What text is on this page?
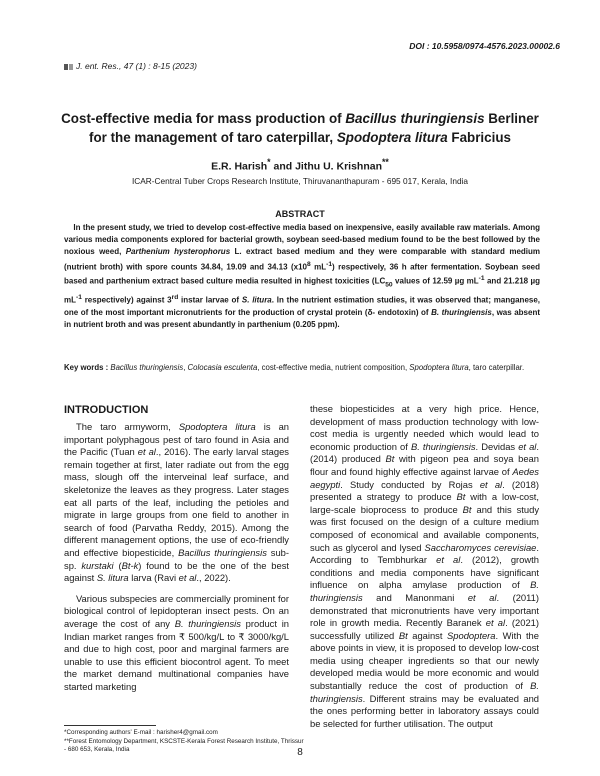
DOI : 10.5958/0974-4576.2023.00002.6
J. ent. Res., 47 (1) : 8-15 (2023)
Cost-effective media for mass production of Bacillus thuringiensis Berliner for the management of taro caterpillar, Spodoptera litura Fabricius
E.R. Harish* and Jithu U. Krishnan**
ICAR-Central Tuber Crops Research Institute, Thiruvananthapuram - 695 017, Kerala, India
ABSTRACT

In the present study, we tried to develop cost-effective media based on inexpensive, easily available raw materials. Among various media components explored for bacterial growth, soybean seed-based medium found to be the best followed by the noxious weed, Parthenium hysterophorus L. extract based medium and they were comparable with standard medium (nutrient broth) with spore counts 34.84, 19.09 and 34.13 ($x10^8$ $mL^{-1}$) respectively, 36 h after fermentation. Soybean seed based and parthenium extract based culture media resulted in highest toxicities ($LC_{50}$ values of 12.59 µg $mL^{-1}$ and 21.218 µg $mL^{-1}$ respectively) against 3rd instar larvae of S. litura. In the nutrient estimation studies, it was observed that; manganese, one of the most important micronutrients for the production of crystal protein (δ- endotoxin) of B. thuringiensis, was absent in nutrient broth and was present abundantly in parthenium (0.205 ppm).

Key words : Bacillus thuringiensis, Colocasia esculenta, cost-effective media, nutrient composition, Spodoptera litura, taro caterpillar.

INTRODUCTION

The taro armyworm, Spodoptera litura is an important polyphagous pest of taro found in Asia and the Pacific (Tuan et al., 2016). The early larval stages remain together at first, later radiate out from the egg mass, slough off the interveinal leaf surface, and skeletonize the leaves as they progress. Later stages eat all parts of the leaf, including the petioles and migrate in large groups from one field to another in search of food (Parvatha Reddy, 2015). Among the different management options, the use of eco-friendly and effective biopesticide, Bacillus thuringiensis sub-sp. kurstaki (Bt-k) found to be the one of the best against S. litura larva (Ravi et al., 2022).

Various subspecies are commercially prominent for biological control of lepidopteran insect pests. On an average the cost of any B. thuringiensis product in Indian market ranges from ₹ 500/kg/L to ₹ 3000/kg/L and due to high cost, poor and marginal farmers are unable to use this efficient biocontrol agent. To meet the market demand multinational companies have started marketing

these biopesticides at a very high price. Hence, development of mass production technology with low-cost media is urgently needed which would lead to economic production of B. thuringiensis. Devidas et al. (2014) produced Bt with pigeon pea and soya bean flour and found highly effective against larvae of Aedes aegypti. Study conducted by Rojas et al. (2018) presented a strategy to produce Bt with a low-cost, large-scale bioprocess to produce Bt and this study was first focused on the design of a culture medium composed of economical and available components, such as glycerol and lysed Saccharomyces cerevisiae. According to Tembhurkar et al. (2012), growth conditions and media components have significant influence on alpha amylase production of B. thuringiensis and Manonmani et al. (2011) demonstrated that micronutrients have very important role in growth media. Recently Baranek et al. (2021) successfully utilized Bt against Spodoptera. With the above points in view, it is proposed to develop low-cost media using cheaper ingredients so that our newly developed media would be more economic and would substantially reduce the cost of production of B. thuringiensis. Different strains may be evaluated and the ones performing better in laboratory assays could be selected for further utilisation. The output

*Corresponding authors' E-mail : harisher4@gmail.com
**Forest Entomology Department, KSCSTE-Kerala Forest Research Institute, Thrissur - 680 653, Kerala, India	8
